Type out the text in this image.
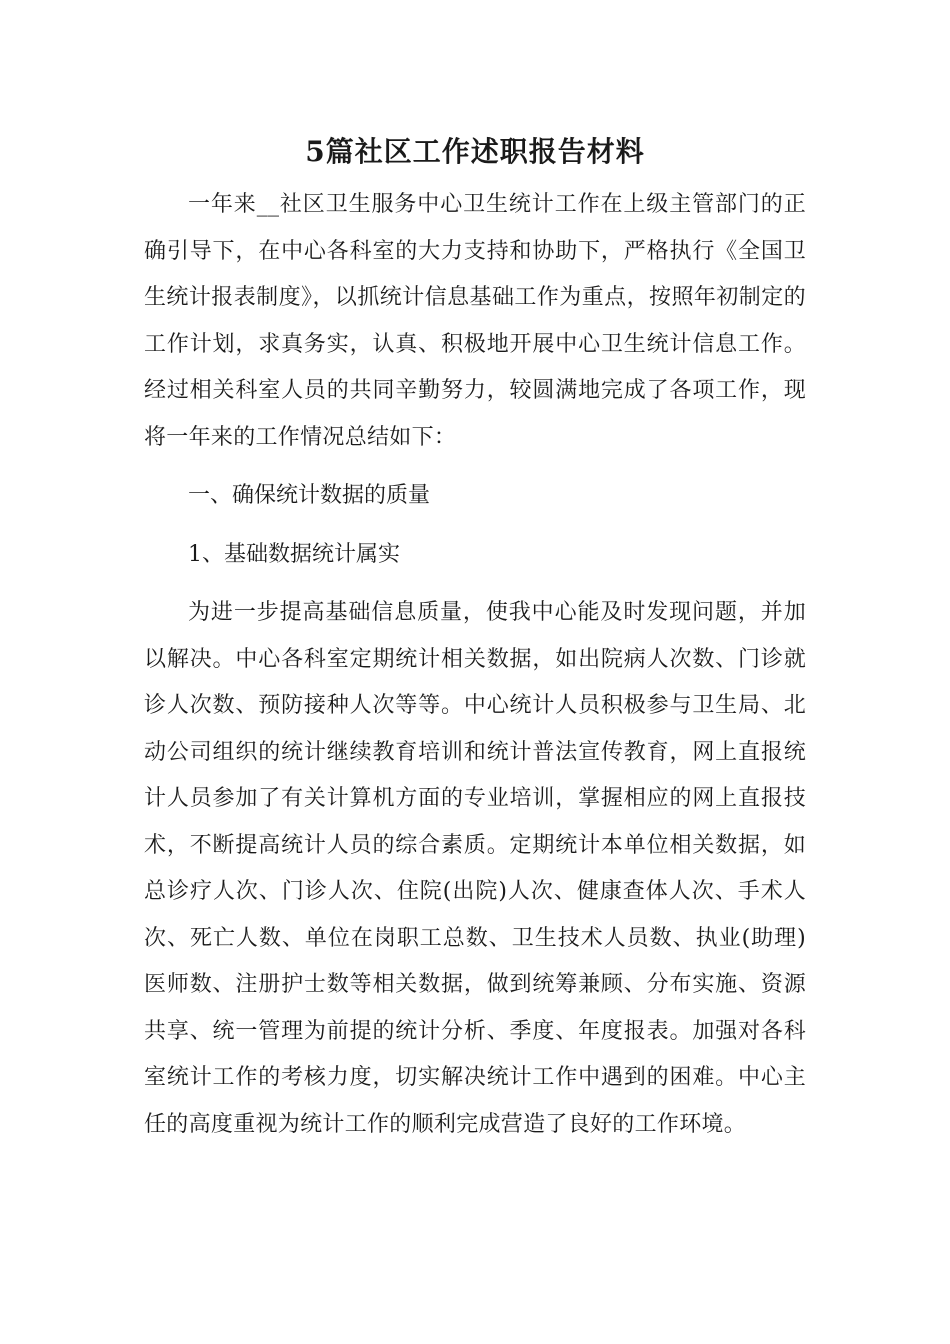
5篇社区工作述职报告材料

一年来__社区卫生服务中心卫生统计工作在上级主管部门的正确引导下，在中心各科室的大力支持和协助下，严格执行《全国卫生统计报表制度》，以抓统计信息基础工作为重点，按照年初制定的工作计划，求真务实，认真、积极地开展中心卫生统计信息工作。经过相关科室人员的共同辛勤努力，较圆满地完成了各项工作，现将一年来的工作情况总结如下：

一、确保统计数据的质量

1、基础数据统计属实

为进一步提高基础信息质量，使我中心能及时发现问题，并加以解决。中心各科室定期统计相关数据，如出院病人次数、门诊就诊人次数、预防接种人次等等。中心统计人员积极参与卫生局、北动公司组织的统计继续教育培训和统计普法宣传教育，网上直报统计人员参加了有关计算机方面的专业培训，掌握相应的网上直报技术，不断提高统计人员的综合素质。定期统计本单位相关数据，如总诊疗人次、门诊人次、住院(出院)人次、健康查体人次、手术人次、死亡人数、单位在岗职工总数、卫生技术人员数、执业(助理)医师数、注册护士数等相关数据，做到统筹兼顾、分布实施、资源共享、统一管理为前提的统计分析、季度、年度报表。加强对各科室统计工作的考核力度，切实解决统计工作中遇到的困难。中心主任的高度重视为统计工作的顺利完成营造了良好的工作环境。
